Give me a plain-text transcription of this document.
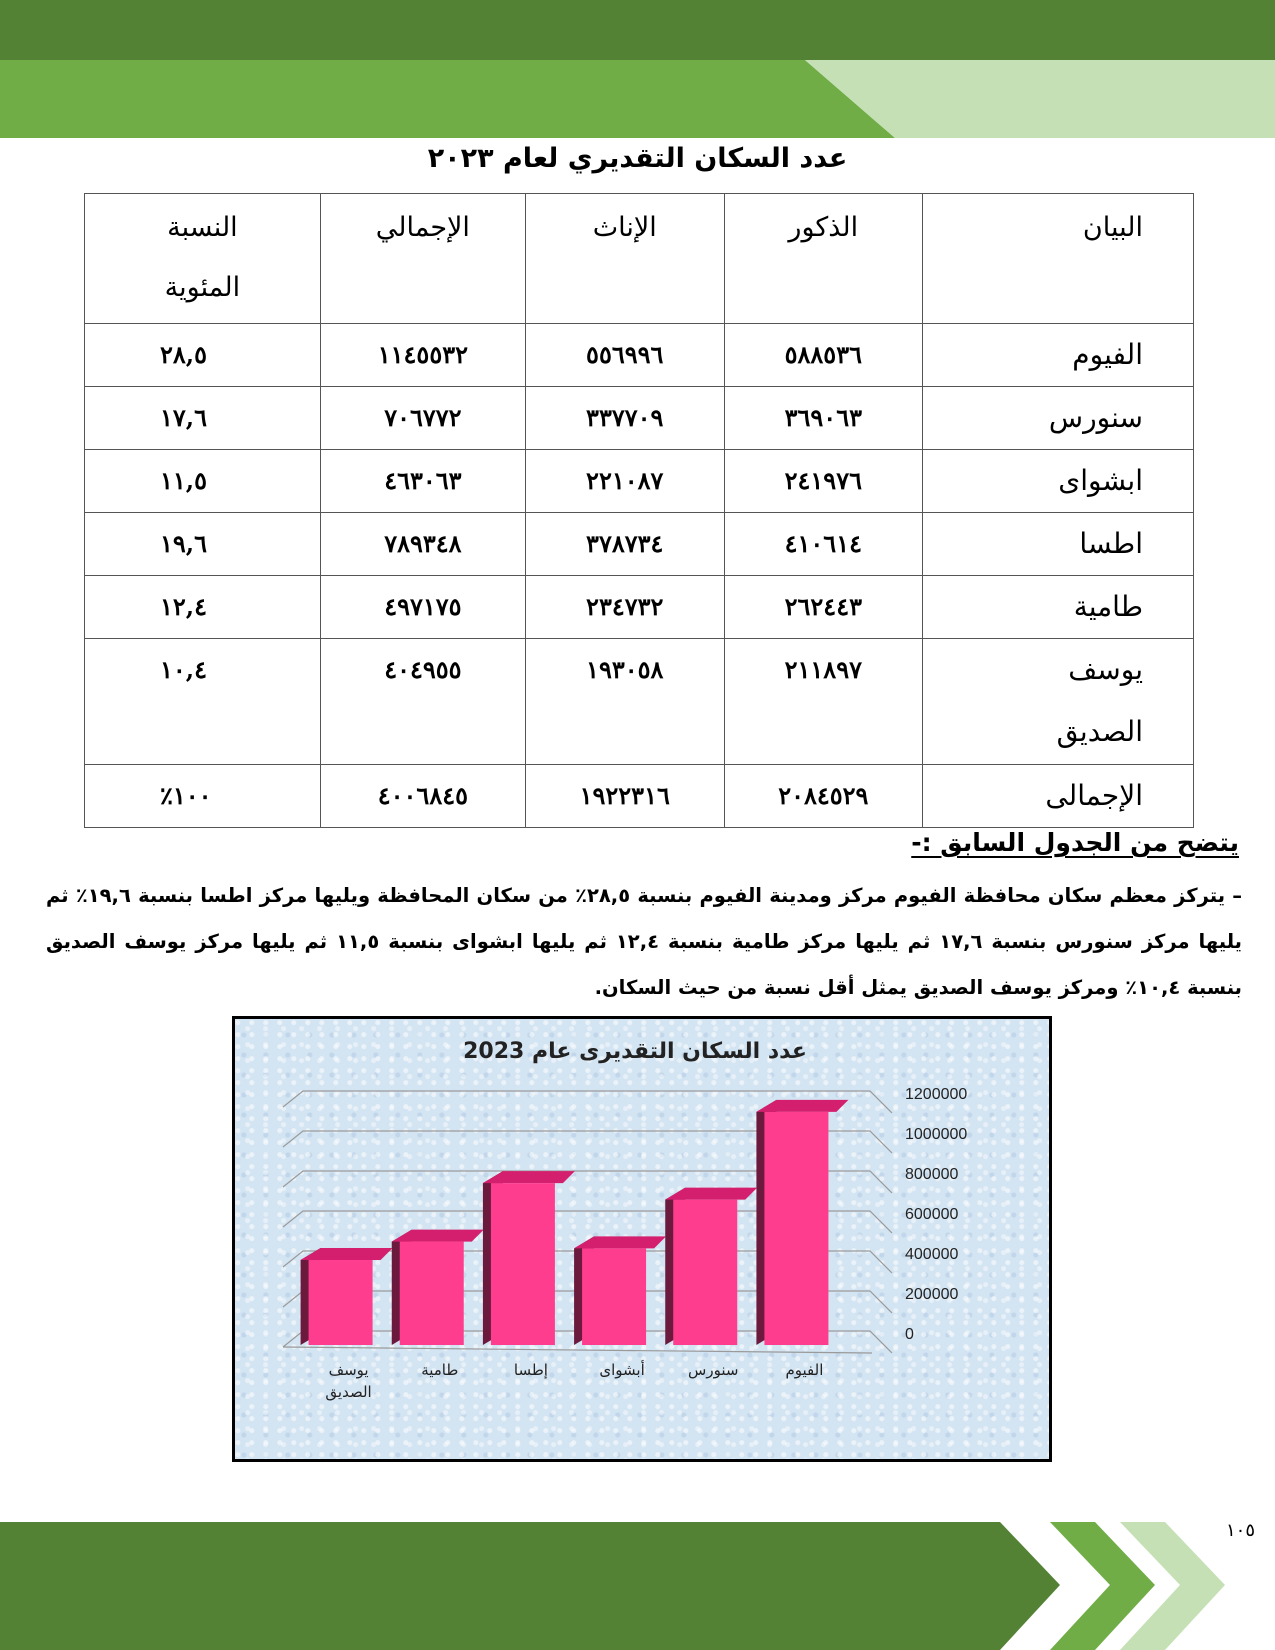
عدد السكان التقديري لعام ٢٠٢٣
البيان	الذكور	الإناث	الإجمالي	النسبة
المئوية
الفيوم	٥٨٨٥٣٦	٥٥٦٩٩٦	١١٤٥٥٣٢	٢٨,٥
سنورس	٣٦٩٠٦٣	٣٣٧٧٠٩	٧٠٦٧٧٢	١٧,٦
ابشواى	٢٤١٩٧٦	٢٢١٠٨٧	٤٦٣٠٦٣	١١,٥
اطسا	٤١٠٦١٤	٣٧٨٧٣٤	٧٨٩٣٤٨	١٩,٦
طامية	٢٦٢٤٤٣	٢٣٤٧٣٢	٤٩٧١٧٥	١٢,٤
يوسف
الصديق	٢١١٨٩٧	١٩٣٠٥٨	٤٠٤٩٥٥	١٠,٤
الإجمالى	٢٠٨٤٥٢٩	١٩٢٢٣١٦	٤٠٠٦٨٤٥	١٠٠٪
يتضح من الجدول السابق :-
– يتركز معظم سكان محافظة الفيوم مركز ومدينة الفيوم بنسبة ٢٨,٥٪ من سكان المحافظة ويليها مركز اطسا بنسبة ١٩,٦٪ ثم يليها مركز سنورس بنسبة ١٧,٦ ثم يليها مركز طامية بنسبة ١٢,٤ ثم يليها ابشواى بنسبة ١١,٥ ثم يليها مركز يوسف الصديق بنسبة ١٠,٤٪ ومركز يوسف الصديق يمثل أقل نسبة من حيث السكان.
عدد السكان التقديرى عام 2023
0
200000
400000
600000
800000
1000000
1200000
يوسف
الصديق
طامية	إطسا	أبشواى	سنورس	الفيوم
١٠٥
